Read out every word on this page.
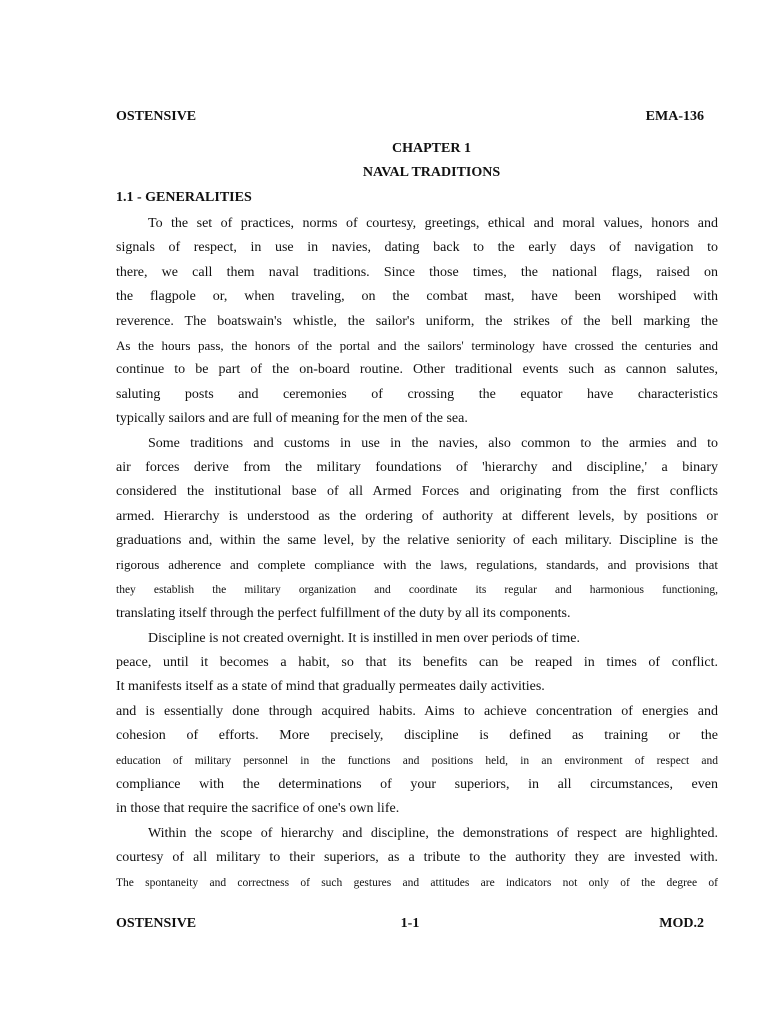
OSTENSIVE	EMA-136
CHAPTER 1
NAVAL TRADITIONS
1.1 - GENERALITIES
To the set of practices, norms of courtesy, greetings, ethical and moral values, honors and
signals of respect, in use in navies, dating back to the early days of navigation to
there, we call them naval traditions. Since those times, the national flags, raised on
the flagpole or, when traveling, on the combat mast, have been worshiped with
reverence. The boatswain's whistle, the sailor's uniform, the strikes of the bell marking the
As the hours pass, the honors of the portal and the sailors' terminology have crossed the centuries and
continue to be part of the on-board routine. Other traditional events such as cannon salutes,
saluting posts and ceremonies of crossing the equator have characteristics
typically sailors and are full of meaning for the men of the sea.
Some traditions and customs in use in the navies, also common to the armies and to
air forces derive from the military foundations of 'hierarchy and discipline,' a binary
considered the institutional base of all Armed Forces and originating from the first conflicts
armed. Hierarchy is understood as the ordering of authority at different levels, by positions or
graduations and, within the same level, by the relative seniority of each military. Discipline is the
rigorous adherence and complete compliance with the laws, regulations, standards, and provisions that
they establish the military organization and coordinate its regular and harmonious functioning,
translating itself through the perfect fulfillment of the duty by all its components.
Discipline is not created overnight. It is instilled in men over periods of time.
peace, until it becomes a habit, so that its benefits can be reaped in times of conflict.
It manifests itself as a state of mind that gradually permeates daily activities.
and is essentially done through acquired habits. Aims to achieve concentration of energies and
cohesion of efforts. More precisely, discipline is defined as training or the
education of military personnel in the functions and positions held, in an environment of respect and
compliance with the determinations of your superiors, in all circumstances, even
in those that require the sacrifice of one's own life.
Within the scope of hierarchy and discipline, the demonstrations of respect are highlighted.
courtesy of all military to their superiors, as a tribute to the authority they are invested with.
The spontaneity and correctness of such gestures and attitudes are indicators not only of the degree of
OSTENSIVE	1-1	MOD.2
